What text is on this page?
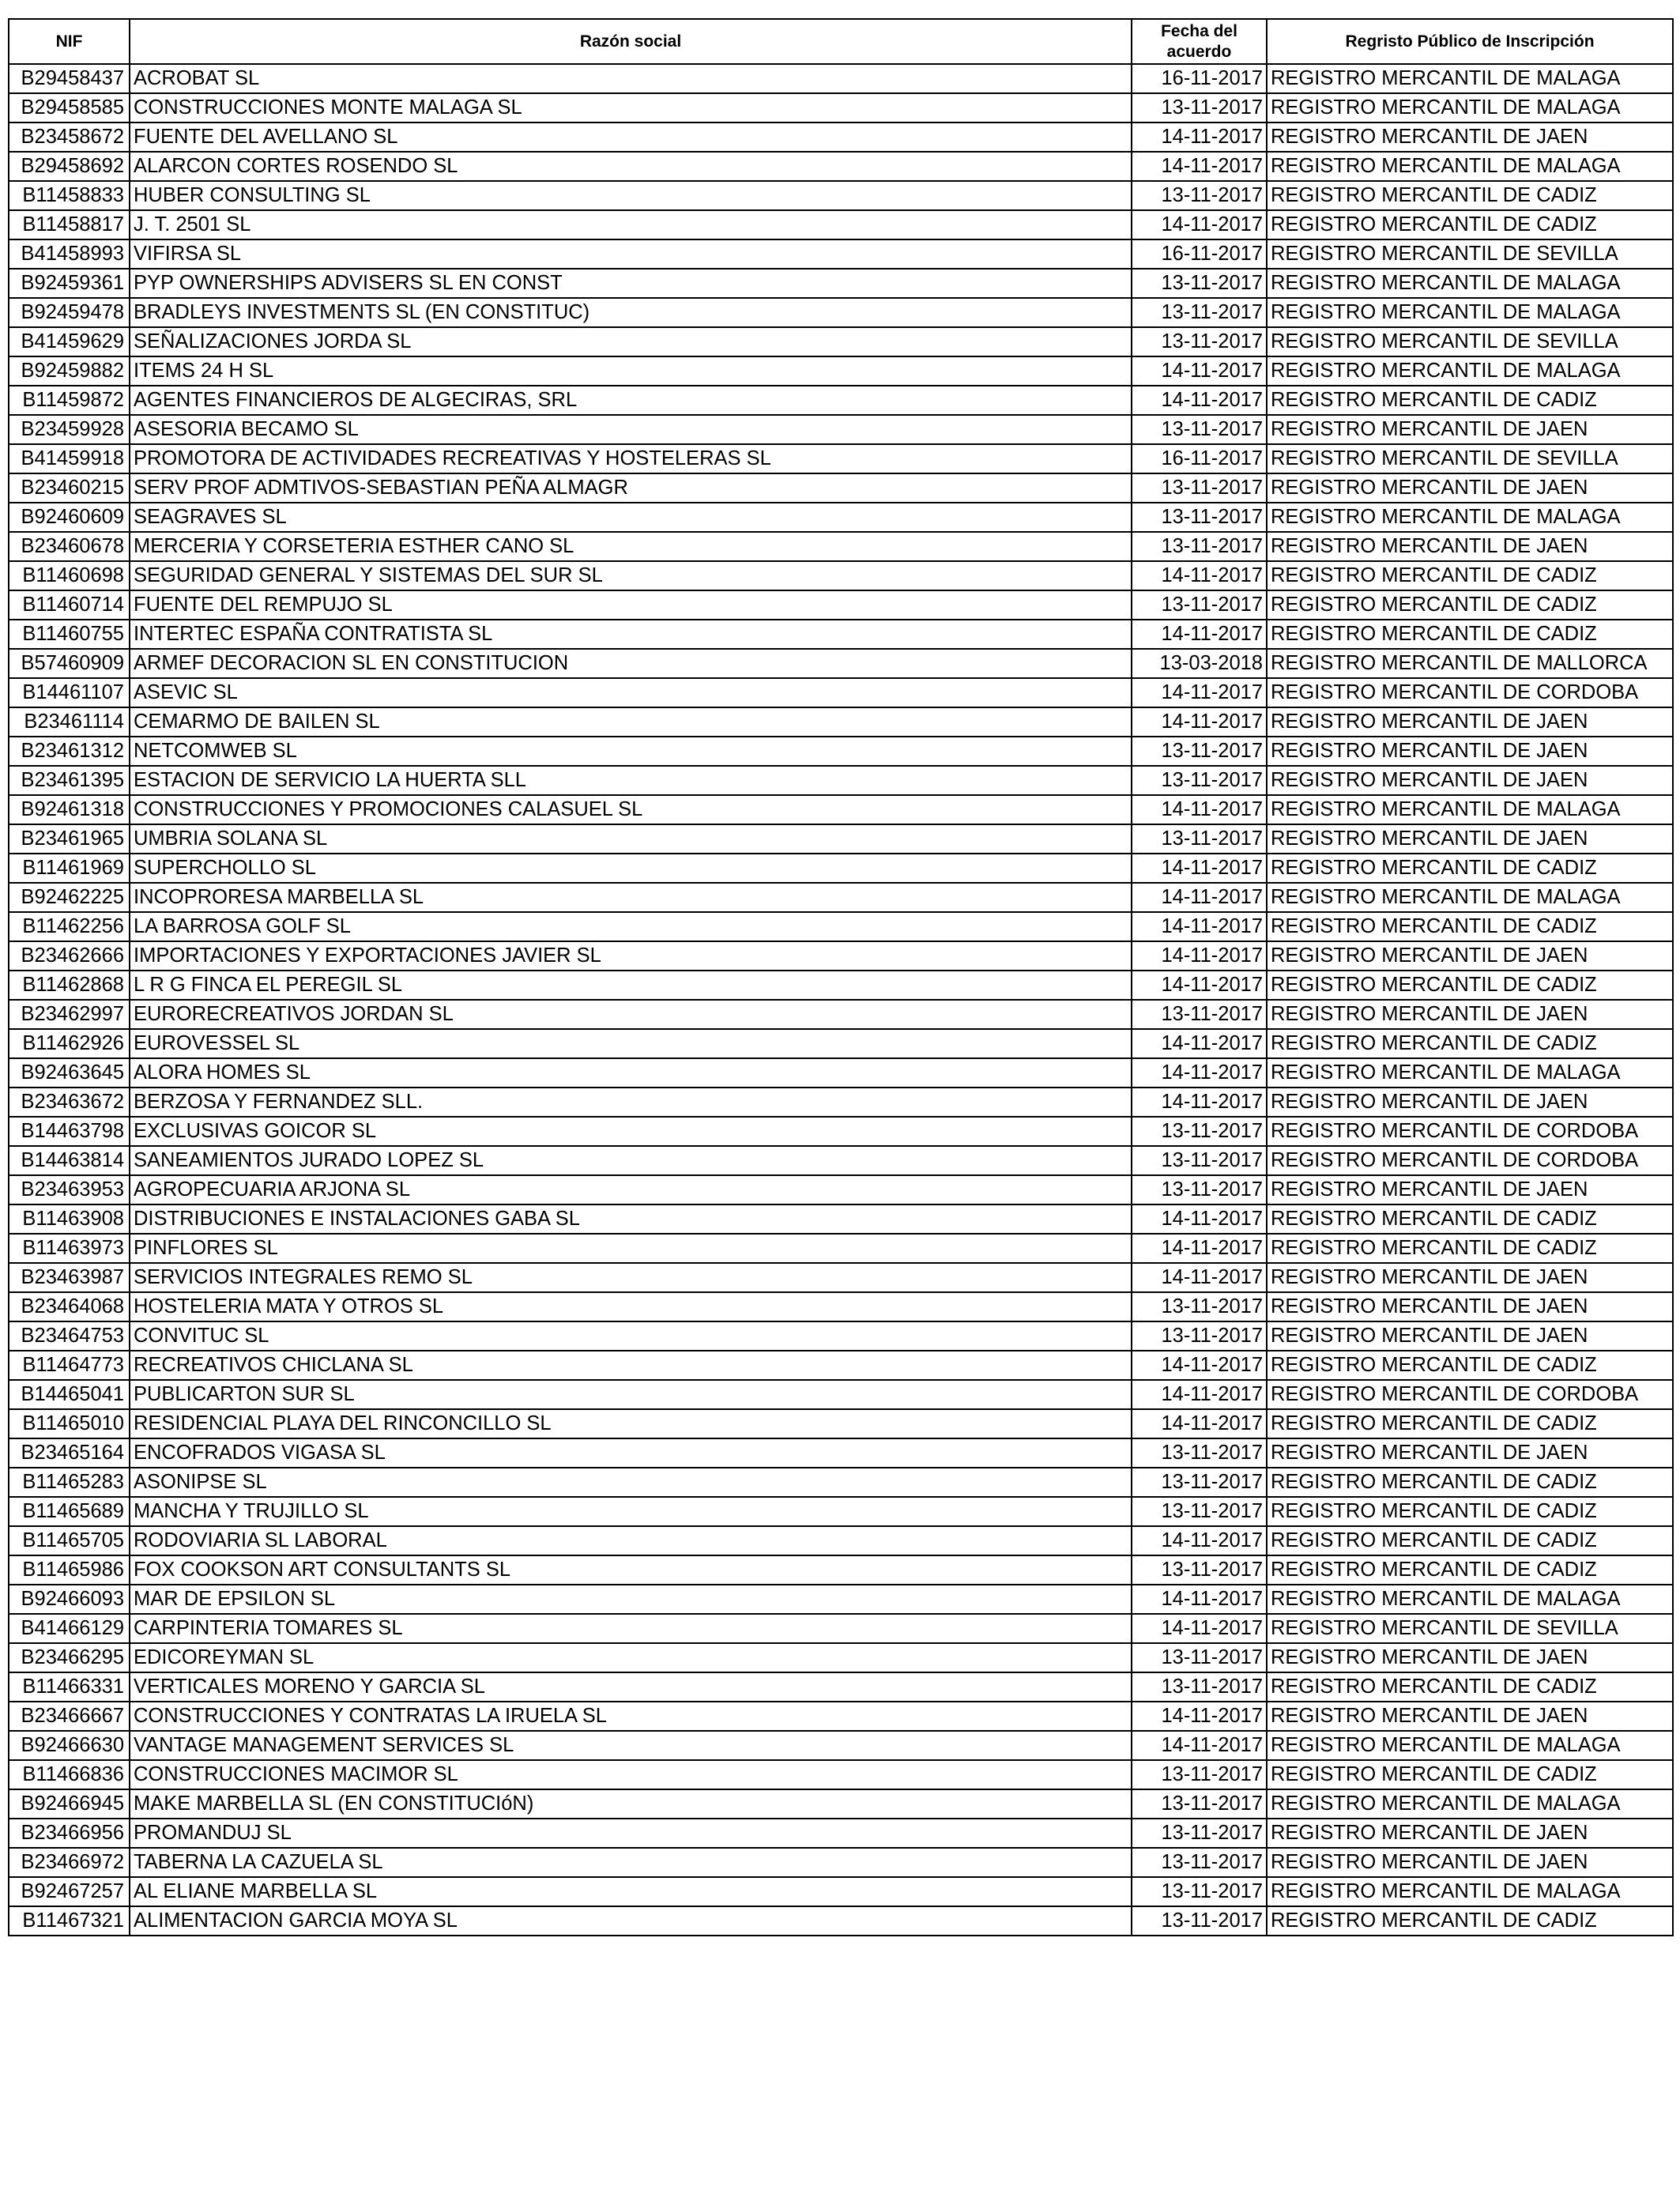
NIF	Razón social	Fecha del acuerdo	Regristo Público de Inscripción
B29458437	ACROBAT SL	16-11-2017	REGISTRO MERCANTIL DE MALAGA
B29458585	CONSTRUCCIONES MONTE MALAGA SL	13-11-2017	REGISTRO MERCANTIL DE MALAGA
B23458672	FUENTE DEL AVELLANO SL	14-11-2017	REGISTRO MERCANTIL DE JAEN
B29458692	ALARCON CORTES ROSENDO SL	14-11-2017	REGISTRO MERCANTIL DE MALAGA
B11458833	HUBER CONSULTING SL	13-11-2017	REGISTRO MERCANTIL DE CADIZ
B11458817	J. T. 2501 SL	14-11-2017	REGISTRO MERCANTIL DE CADIZ
B41458993	VIFIRSA SL	16-11-2017	REGISTRO MERCANTIL DE SEVILLA
B92459361	PYP OWNERSHIPS ADVISERS SL EN CONST	13-11-2017	REGISTRO MERCANTIL DE MALAGA
B92459478	BRADLEYS INVESTMENTS SL (EN CONSTITUC)	13-11-2017	REGISTRO MERCANTIL DE MALAGA
B41459629	SEÑALIZACIONES JORDA SL	13-11-2017	REGISTRO MERCANTIL DE SEVILLA
B92459882	ITEMS 24 H SL	14-11-2017	REGISTRO MERCANTIL DE MALAGA
B11459872	AGENTES FINANCIEROS DE ALGECIRAS, SRL	14-11-2017	REGISTRO MERCANTIL DE CADIZ
B23459928	ASESORIA BECAMO SL	13-11-2017	REGISTRO MERCANTIL DE JAEN
B41459918	PROMOTORA DE ACTIVIDADES RECREATIVAS Y HOSTELERAS SL	16-11-2017	REGISTRO MERCANTIL DE SEVILLA
B23460215	SERV PROF ADMTIVOS-SEBASTIAN PEÑA ALMAGR	13-11-2017	REGISTRO MERCANTIL DE JAEN
B92460609	SEAGRAVES SL	13-11-2017	REGISTRO MERCANTIL DE MALAGA
B23460678	MERCERIA Y CORSETERIA ESTHER CANO SL	13-11-2017	REGISTRO MERCANTIL DE JAEN
B11460698	SEGURIDAD GENERAL Y SISTEMAS DEL SUR SL	14-11-2017	REGISTRO MERCANTIL DE CADIZ
B11460714	FUENTE DEL REMPUJO SL	13-11-2017	REGISTRO MERCANTIL DE CADIZ
B11460755	INTERTEC ESPAÑA CONTRATISTA SL	14-11-2017	REGISTRO MERCANTIL DE CADIZ
B57460909	ARMEF DECORACION SL EN CONSTITUCION	13-03-2018	REGISTRO MERCANTIL DE MALLORCA
B14461107	ASEVIC SL	14-11-2017	REGISTRO MERCANTIL DE CORDOBA
B23461114	CEMARMO DE BAILEN SL	14-11-2017	REGISTRO MERCANTIL DE JAEN
B23461312	NETCOMWEB SL	13-11-2017	REGISTRO MERCANTIL DE JAEN
B23461395	ESTACION DE SERVICIO LA HUERTA SLL	13-11-2017	REGISTRO MERCANTIL DE JAEN
B92461318	CONSTRUCCIONES Y PROMOCIONES CALASUEL SL	14-11-2017	REGISTRO MERCANTIL DE MALAGA
B23461965	UMBRIA SOLANA SL	13-11-2017	REGISTRO MERCANTIL DE JAEN
B11461969	SUPERCHOLLO SL	14-11-2017	REGISTRO MERCANTIL DE CADIZ
B92462225	INCOPRORESA MARBELLA SL	14-11-2017	REGISTRO MERCANTIL DE MALAGA
B11462256	LA BARROSA GOLF SL	14-11-2017	REGISTRO MERCANTIL DE CADIZ
B23462666	IMPORTACIONES Y EXPORTACIONES JAVIER SL	14-11-2017	REGISTRO MERCANTIL DE JAEN
B11462868	L R G FINCA EL PEREGIL SL	14-11-2017	REGISTRO MERCANTIL DE CADIZ
B23462997	EURORECREATIVOS JORDAN SL	13-11-2017	REGISTRO MERCANTIL DE JAEN
B11462926	EUROVESSEL SL	14-11-2017	REGISTRO MERCANTIL DE CADIZ
B92463645	ALORA HOMES SL	14-11-2017	REGISTRO MERCANTIL DE MALAGA
B23463672	BERZOSA Y FERNANDEZ SLL.	14-11-2017	REGISTRO MERCANTIL DE JAEN
B14463798	EXCLUSIVAS GOICOR SL	13-11-2017	REGISTRO MERCANTIL DE CORDOBA
B14463814	SANEAMIENTOS JURADO LOPEZ SL	13-11-2017	REGISTRO MERCANTIL DE CORDOBA
B23463953	AGROPECUARIA ARJONA SL	13-11-2017	REGISTRO MERCANTIL DE JAEN
B11463908	DISTRIBUCIONES E INSTALACIONES GABA SL	14-11-2017	REGISTRO MERCANTIL DE CADIZ
B11463973	PINFLORES SL	14-11-2017	REGISTRO MERCANTIL DE CADIZ
B23463987	SERVICIOS INTEGRALES REMO SL	14-11-2017	REGISTRO MERCANTIL DE JAEN
B23464068	HOSTELERIA MATA Y OTROS SL	13-11-2017	REGISTRO MERCANTIL DE JAEN
B23464753	CONVITUC SL	13-11-2017	REGISTRO MERCANTIL DE JAEN
B11464773	RECREATIVOS CHICLANA SL	14-11-2017	REGISTRO MERCANTIL DE CADIZ
B14465041	PUBLICARTON SUR SL	14-11-2017	REGISTRO MERCANTIL DE CORDOBA
B11465010	RESIDENCIAL PLAYA DEL RINCONCILLO SL	14-11-2017	REGISTRO MERCANTIL DE CADIZ
B23465164	ENCOFRADOS VIGASA SL	13-11-2017	REGISTRO MERCANTIL DE JAEN
B11465283	ASONIPSE SL	13-11-2017	REGISTRO MERCANTIL DE CADIZ
B11465689	MANCHA Y TRUJILLO SL	13-11-2017	REGISTRO MERCANTIL DE CADIZ
B11465705	RODOVIARIA SL LABORAL	14-11-2017	REGISTRO MERCANTIL DE CADIZ
B11465986	FOX COOKSON ART CONSULTANTS SL	13-11-2017	REGISTRO MERCANTIL DE CADIZ
B92466093	MAR DE EPSILON SL	14-11-2017	REGISTRO MERCANTIL DE MALAGA
B41466129	CARPINTERIA TOMARES SL	14-11-2017	REGISTRO MERCANTIL DE SEVILLA
B23466295	EDICOREYMAN SL	13-11-2017	REGISTRO MERCANTIL DE JAEN
B11466331	VERTICALES MORENO Y GARCIA SL	13-11-2017	REGISTRO MERCANTIL DE CADIZ
B23466667	CONSTRUCCIONES Y CONTRATAS LA IRUELA SL	14-11-2017	REGISTRO MERCANTIL DE JAEN
B92466630	VANTAGE MANAGEMENT SERVICES SL	14-11-2017	REGISTRO MERCANTIL DE MALAGA
B11466836	CONSTRUCCIONES MACIMOR SL	13-11-2017	REGISTRO MERCANTIL DE CADIZ
B92466945	MAKE MARBELLA SL (EN CONSTITUCIóN)	13-11-2017	REGISTRO MERCANTIL DE MALAGA
B23466956	PROMANDUJ SL	13-11-2017	REGISTRO MERCANTIL DE JAEN
B23466972	TABERNA LA CAZUELA SL	13-11-2017	REGISTRO MERCANTIL DE JAEN
B92467257	AL ELIANE MARBELLA SL	13-11-2017	REGISTRO MERCANTIL DE MALAGA
B11467321	ALIMENTACION GARCIA MOYA SL	13-11-2017	REGISTRO MERCANTIL DE CADIZ
